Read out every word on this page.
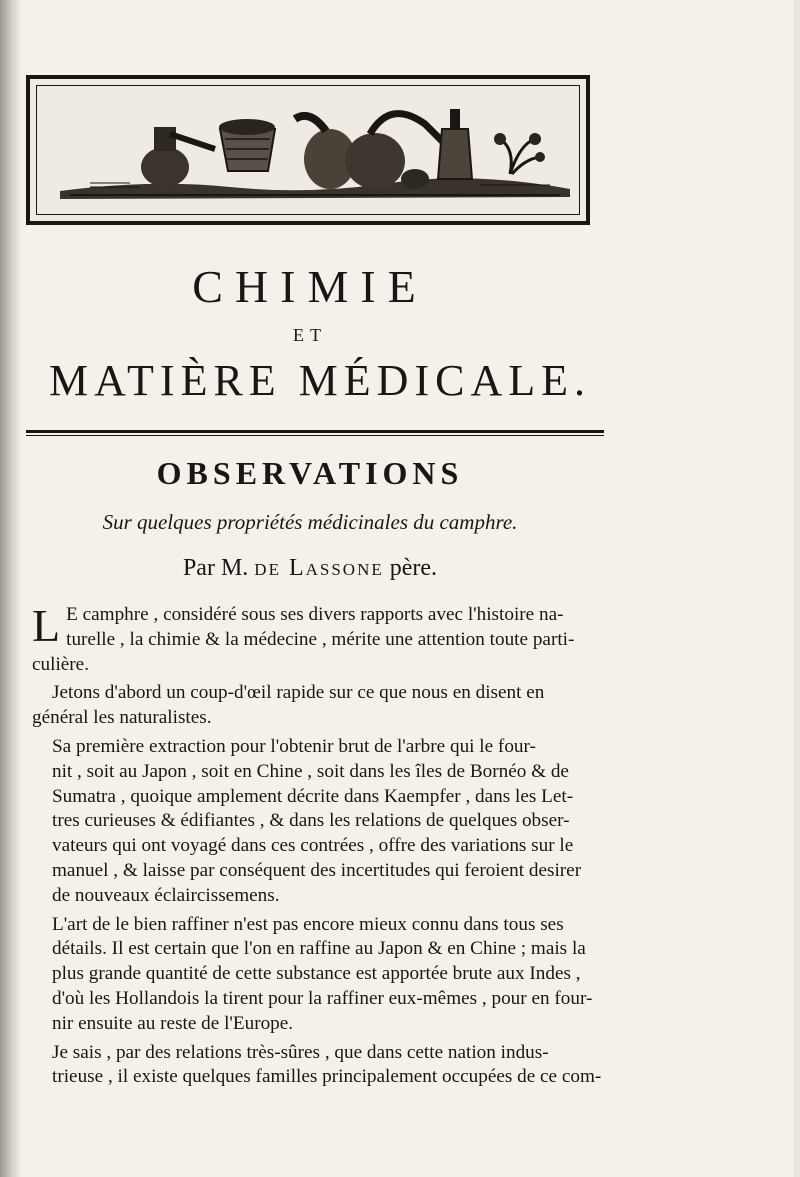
CHIMIE
ET
MATIÈRE MÉDICALE.
OBSERVATIONS
Sur quelques propriétés médicinales du camphre.
Par M. de Lassone père.

L E camphre , considéré sous ses divers rapports avec l'histoire na-
turelle , la chimie & la médecine , mérite une attention toute parti-
culière.

Jetons d'abord un coup-d'œil rapide sur ce que nous en disent en
général les naturalistes.

Sa première extraction pour l'obtenir brut de l'arbre qui le four-
nit , soit au Japon , soit en Chine , soit dans les îles de Bornéo & de
Sumatra , quoique amplement décrite dans Kaempfer , dans les Let-
tres curieuses & édifiantes , & dans les relations de quelques obser-
vateurs qui ont voyagé dans ces contrées , offre des variations sur le
manuel , & laisse par conséquent des incertitudes qui feroient desirer
de nouveaux éclaircissemens.

L'art de le bien raffiner n'est pas encore mieux connu dans tous ses
détails. Il est certain que l'on en raffine au Japon & en Chine ; mais la
plus grande quantité de cette substance est apportée brute aux Indes ,
d'où les Hollandois la tirent pour la raffiner eux-mêmes , pour en four-
nir ensuite au reste de l'Europe.

Je sais , par des relations très-sûres , que dans cette nation indus-
trieuse , il existe quelques familles principalement occupées de ce com-
